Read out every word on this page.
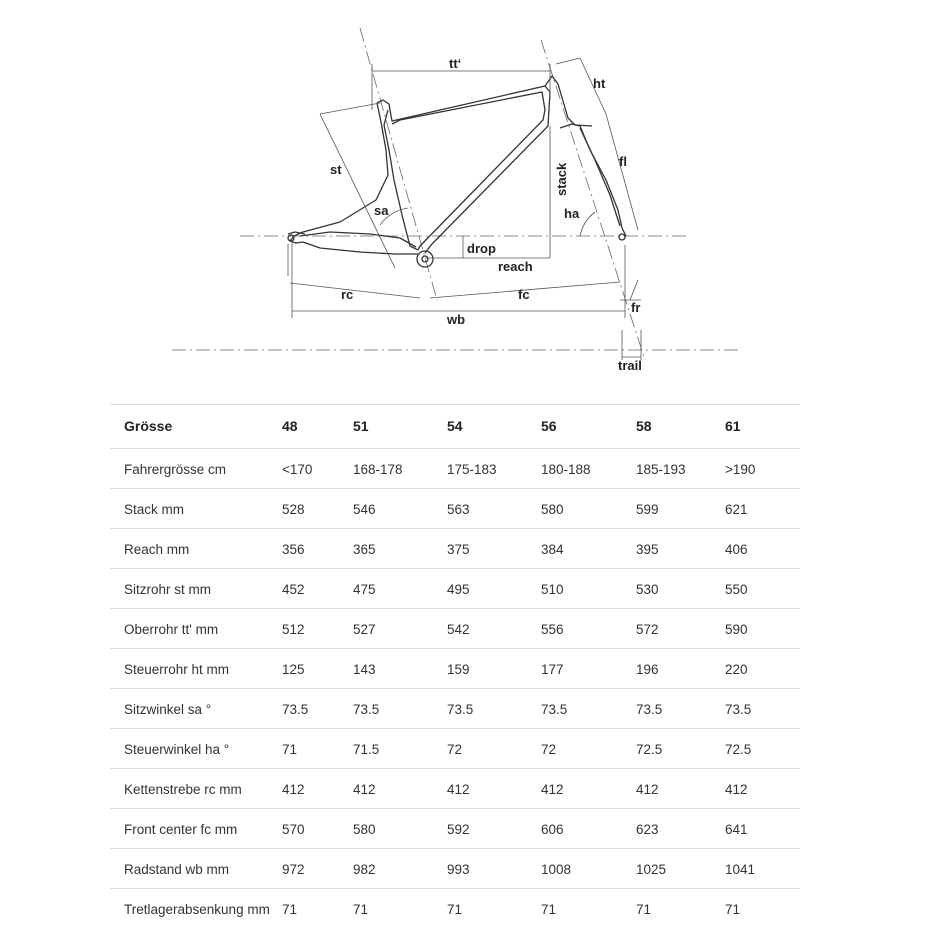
tt‘
ht
st
fl
stack
sa	ha
drop
reach
rc	fc
wb
fr
trail
Grösse	48	51	54	56	58	61
Fahrergrösse cm	<170	168-178	175-183	180-188	185-193	>190
Stack mm	528	546	563	580	599	621
Reach mm	356	365	375	384	395	406
Sitzrohr st mm	452	475	495	510	530	550
Oberrohr tt' mm	512	527	542	556	572	590
Steuerrohr ht mm	125	143	159	177	196	220
Sitzwinkel sa °	73.5	73.5	73.5	73.5	73.5	73.5
Steuerwinkel ha °	71	71.5	72	72	72.5	72.5
Kettenstrebe rc mm	412	412	412	412	412	412
Front center fc mm	570	580	592	606	623	641
Radstand wb mm	972	982	993	1008	1025	1041
Tretlagerabsenkung mm	71	71	71	71	71	71
